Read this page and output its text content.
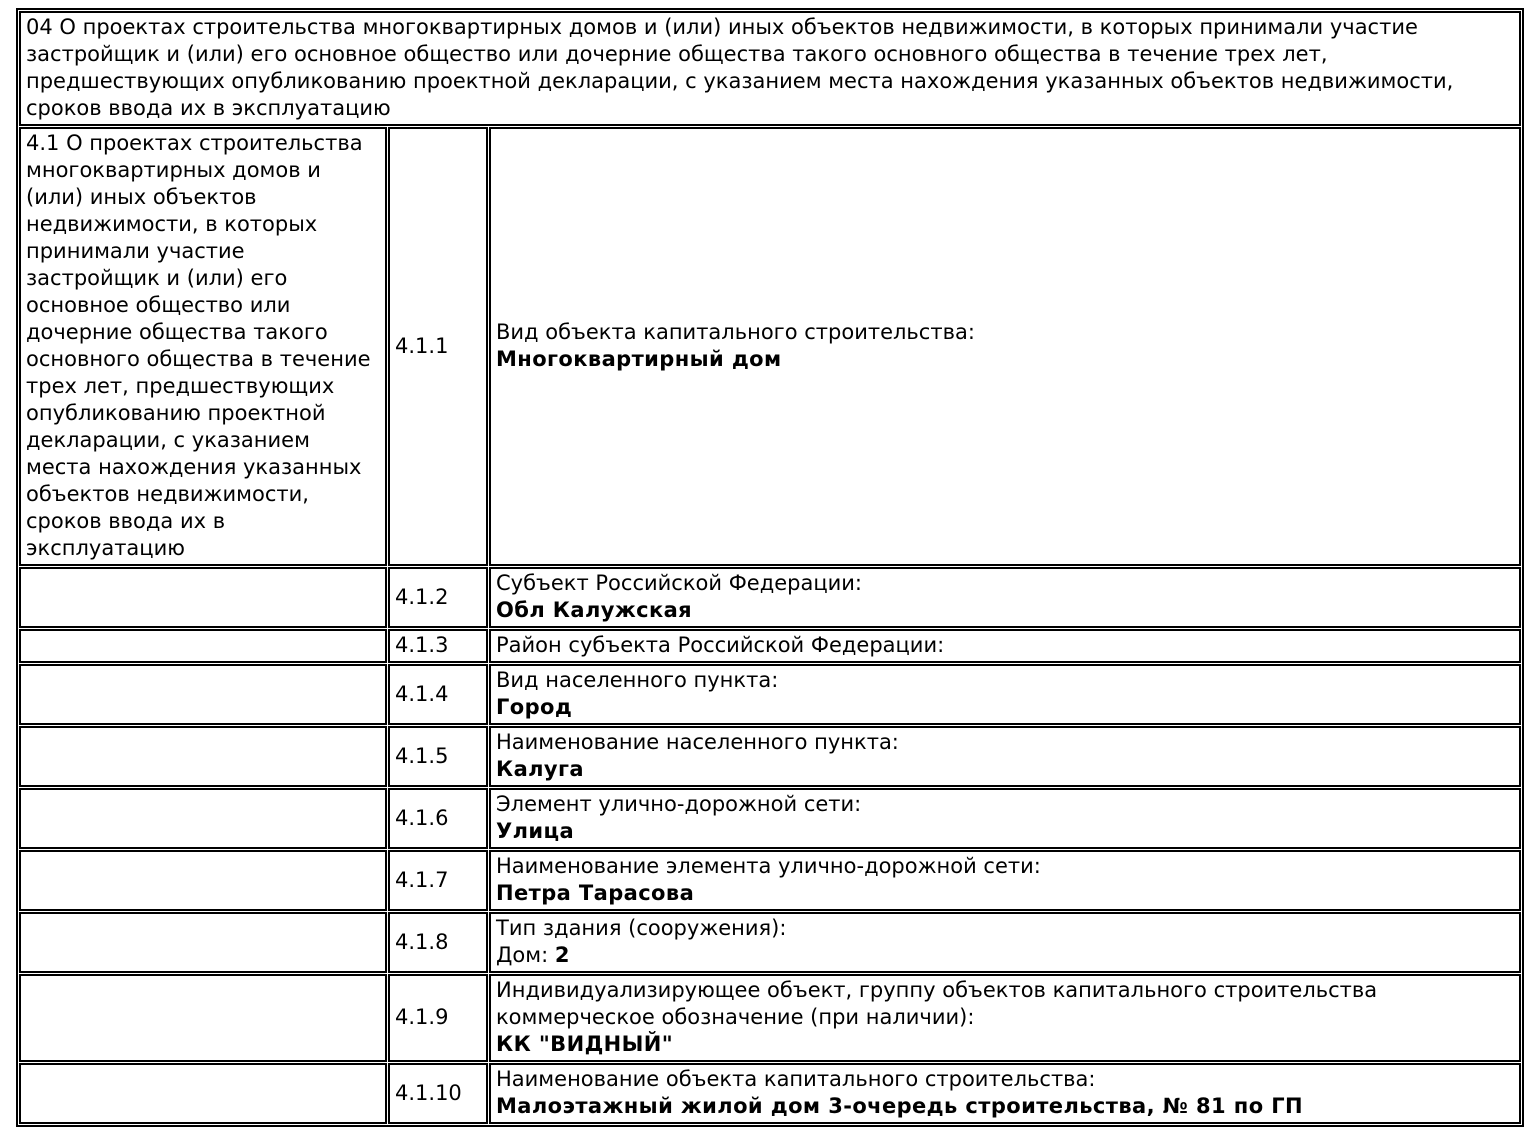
04 О проектах строительства многоквартирных домов и (или) иных объектов недвижимости, в которых принимали участие застройщик и (или) его основное общество или дочерние общества такого основного общества в течение трех лет, предшествующих опубликованию проектной декларации, с указанием места нахождения указанных объектов недвижимости, сроков ввода их в эксплуатацию		
4.1 О проектах строительства многоквартирных домов и (или) иных объектов недвижимости, в которых принимали участие застройщик и (или) его основное общество или дочерние общества такого основного общества в течение трех лет, предшествующих опубликованию проектной декларации, с указанием места нахождения указанных объектов недвижимости, сроков ввода их в эксплуатацию	4.1.1	Вид объекта капитального строительства:
Многоквартирный дом

	4.1.2	Субъект Российской Федерации:
Обл Калужская

	4.1.3	Район субъекта Российской Федерации:

	4.1.4	Вид населенного пункта:
Город

	4.1.5	Наименование населенного пункта:
Калуга

	4.1.6	Элемент улично-дорожной сети:
Улица

	4.1.7	Наименование элемента улично-дорожной сети:
Петра Тарасова

	4.1.8	Тип здания (сооружения):
Дом: 2

	4.1.9	Индивидуализирующее объект, группу объектов капитального строительства коммерческое обозначение (при наличии):
КК "ВИДНЫЙ"

	4.1.10	Наименование объекта капитального строительства:
Малоэтажный жилой дом 3-очередь строительства, № 81 по ГП
